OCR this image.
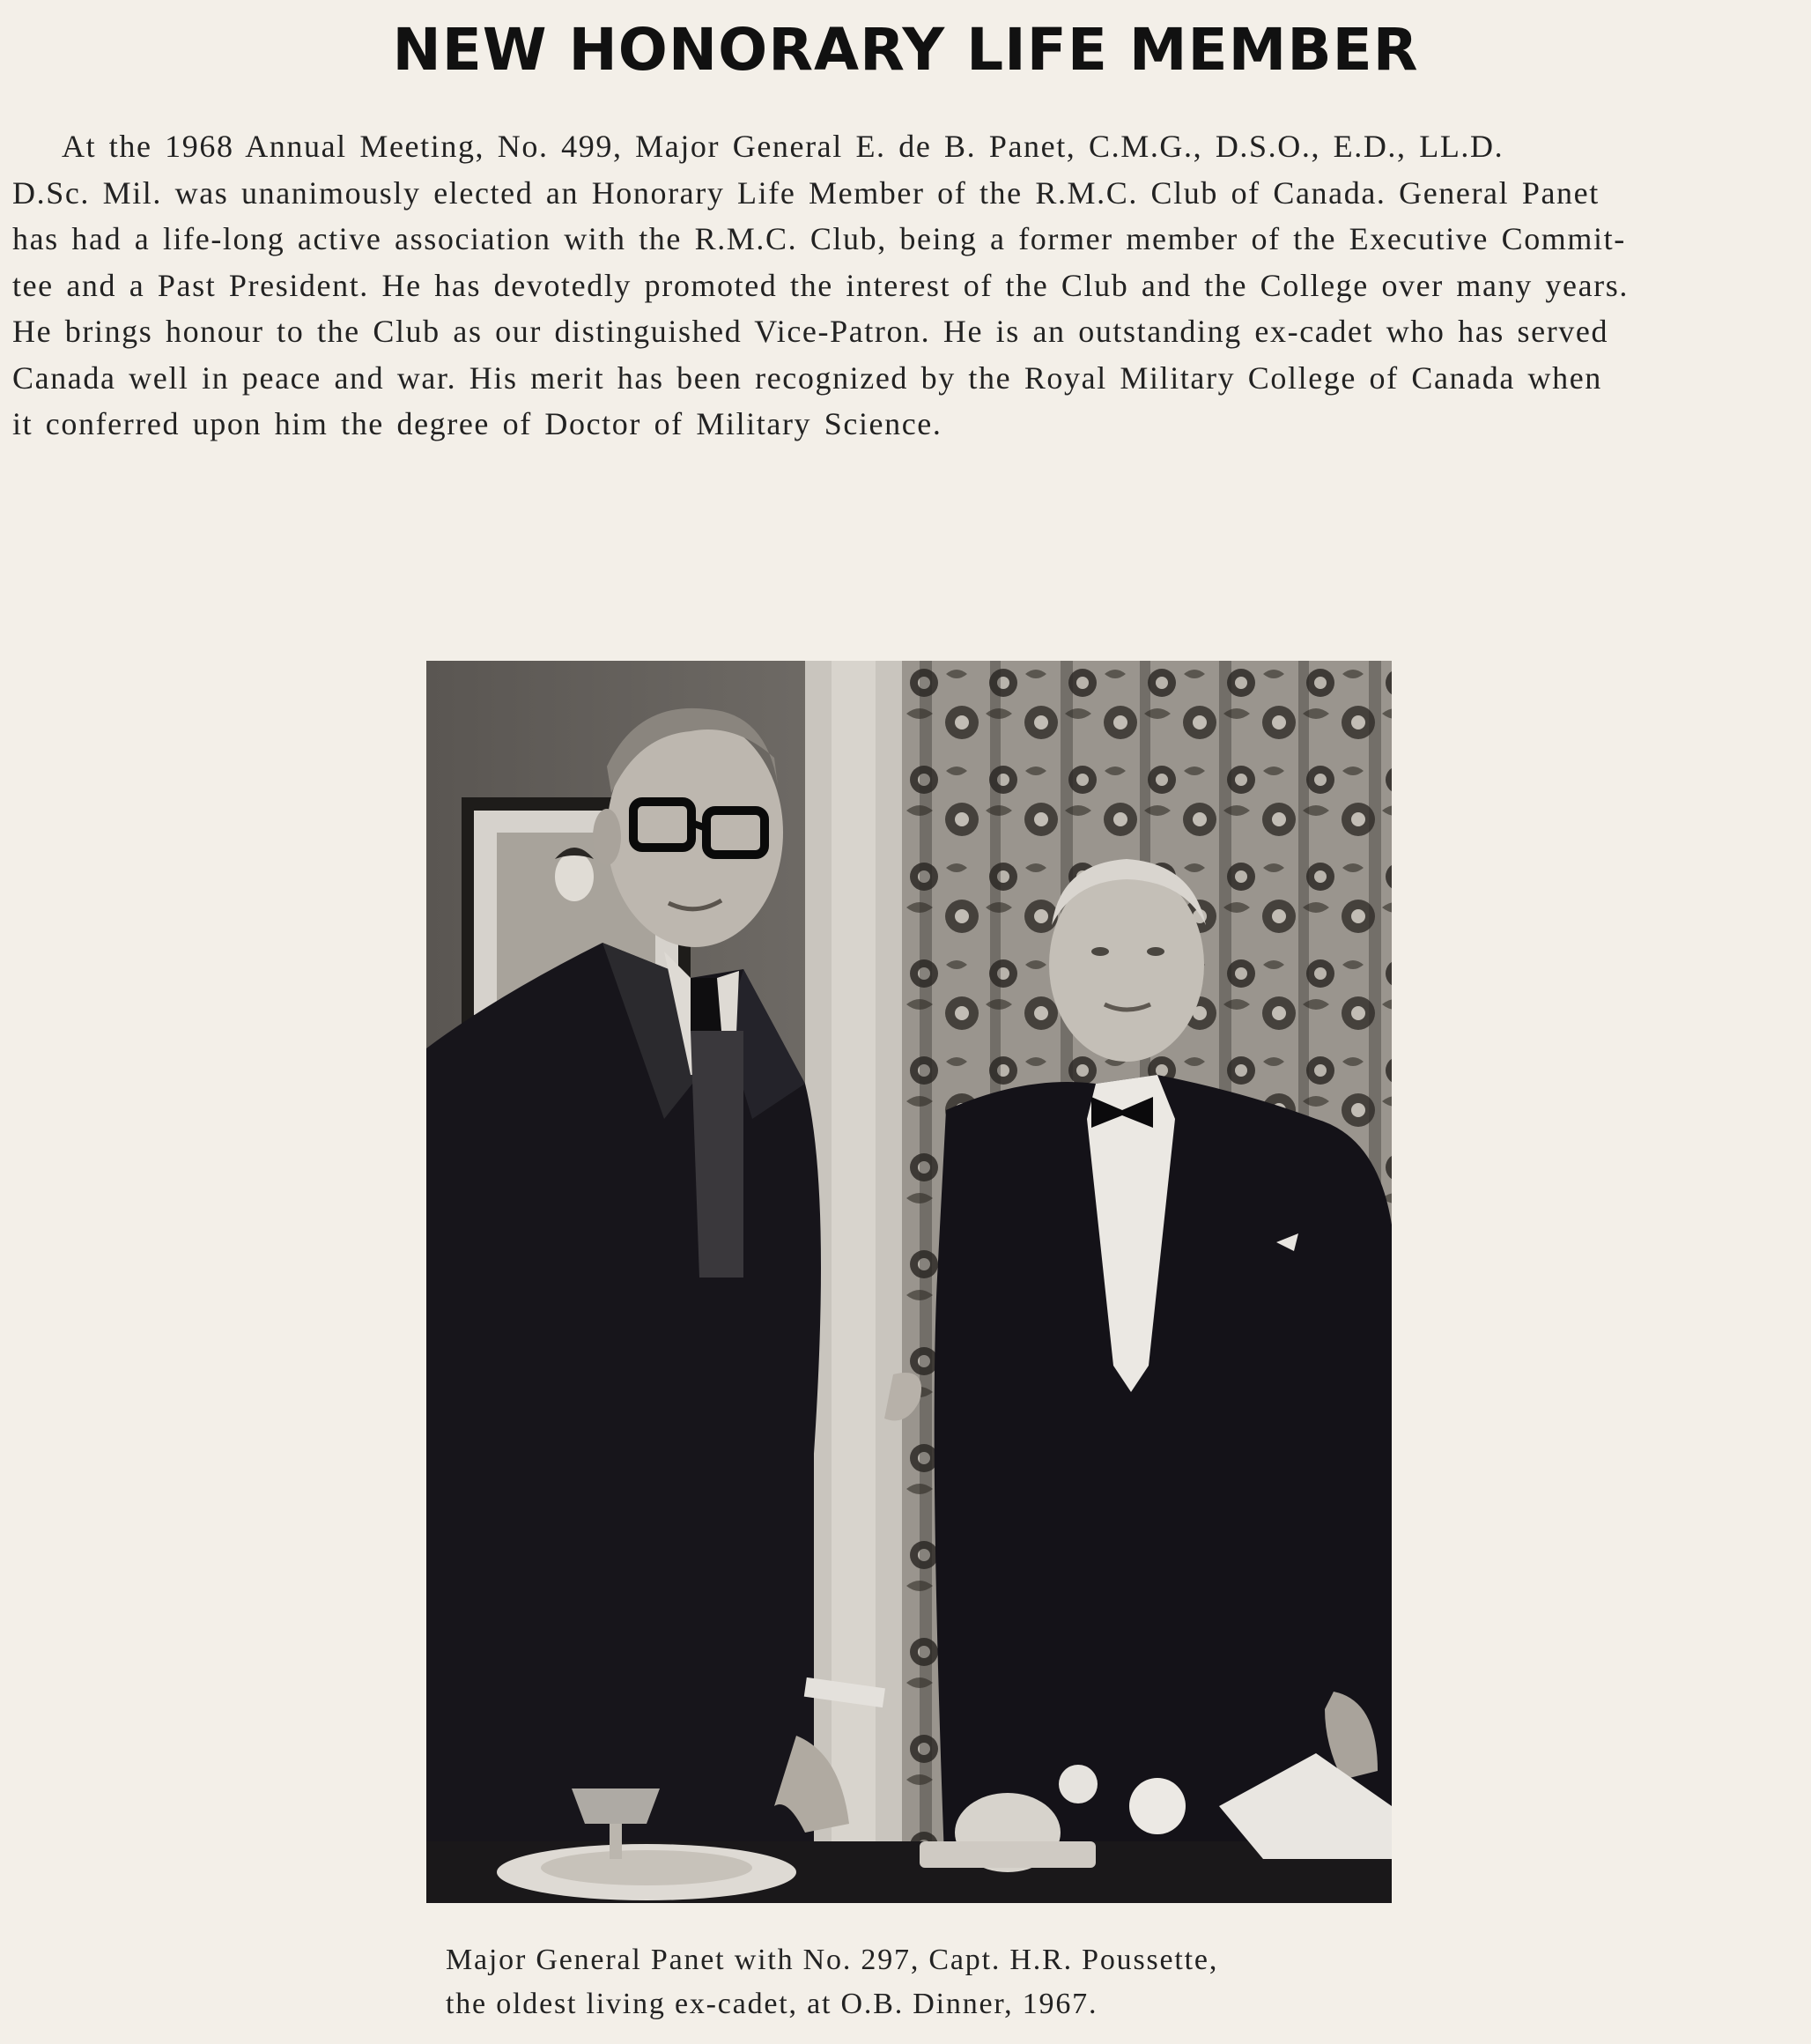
NEW HONORARY LIFE MEMBER
At the 1968 Annual Meeting, No. 499, Major General E. de B. Panet, C.M.G., D.S.O., E.D., LL.D.
D.Sc. Mil. was unanimously elected an Honorary Life Member of the R.M.C. Club of Canada. General Panet
has had a life-long active association with the R.M.C. Club, being a former member of the Executive Commit-
tee and a Past President. He has devotedly promoted the interest of the Club and the College over many years.
He brings honour to the Club as our distinguished Vice-Patron. He is an outstanding ex-cadet who has served
Canada well in peace and war. His merit has been recognized by the Royal Military College of Canada when
it conferred upon him the degree of Doctor of Military Science.
Major General Panet with No. 297, Capt. H.R. Poussette,
the oldest living ex-cadet, at O.B. Dinner, 1967.
